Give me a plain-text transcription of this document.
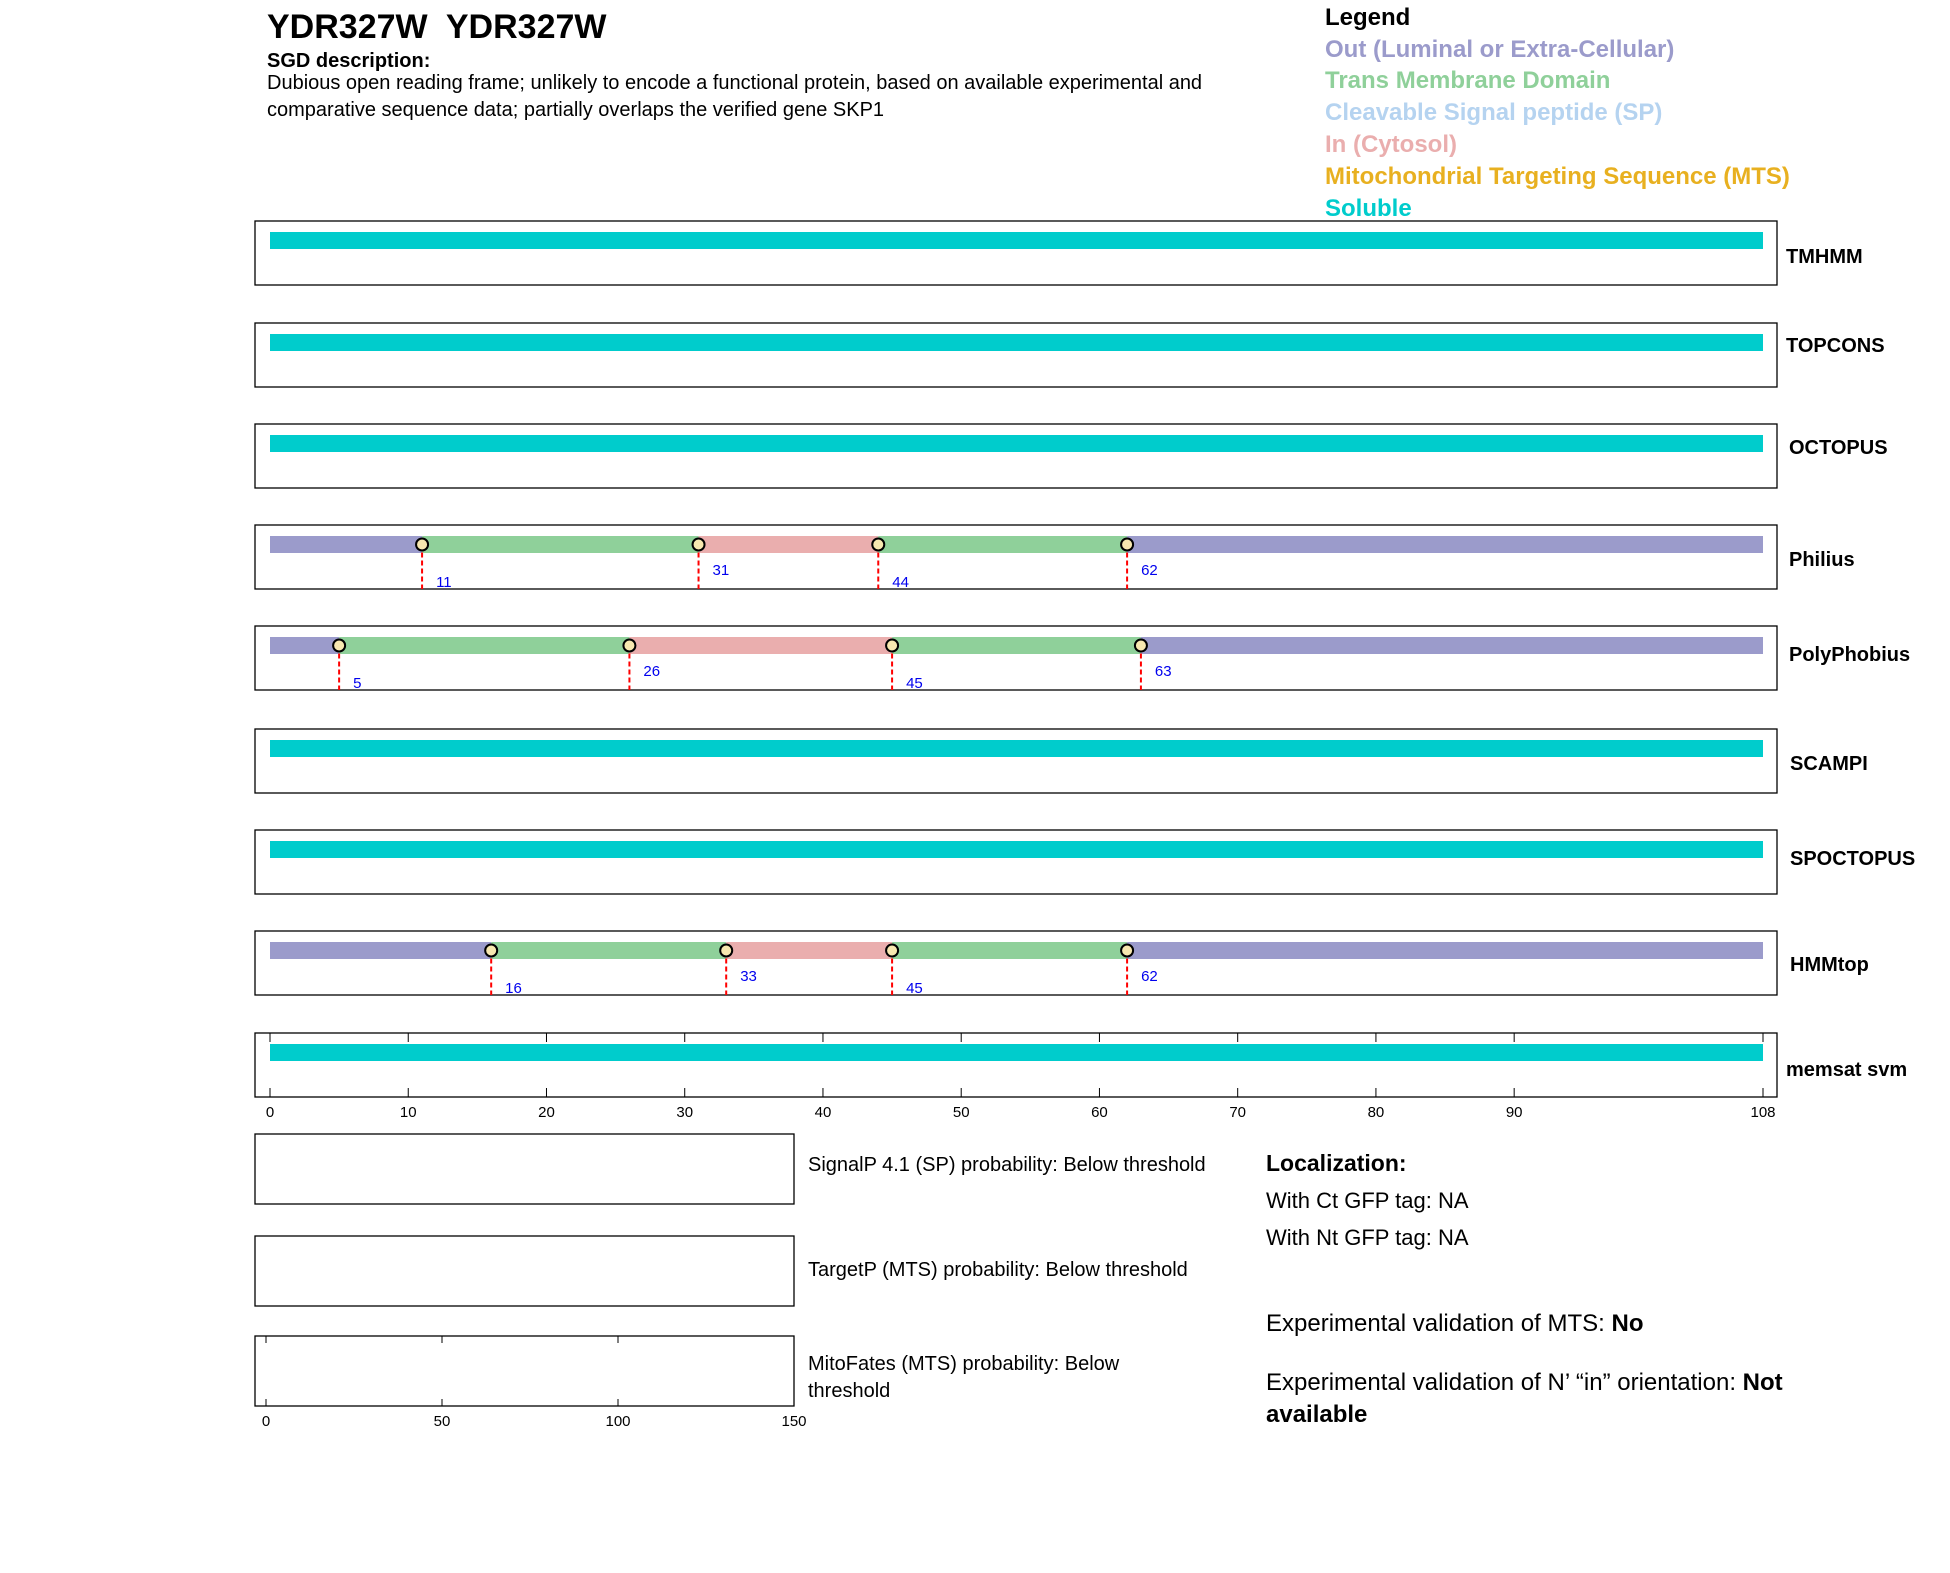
YDR327W  YDR327W
SGD description:
Dubious open reading frame; unlikely to encode a functional protein, based on available experimental and comparative sequence data; partially overlaps the verified gene SKP1
Legend
Out (Luminal or Extra-Cellular)
Trans Membrane Domain
Cleavable Signal peptide (SP)
In (Cytosol)
Mitochondrial Targeting Sequence (MTS)
Soluble
TMHMM
TOPCONS
OCTOPUS
11
31
44
62	Philius
5
26
45
63
PolyPhobius
SCAMPI
SPOCTOPUS
16
33
45
62
HMMtop
memsat svm
0	10	20	30	40	50	60	70	80	90	108
0	50	100	150
SignalP 4.1 (SP) probability: Below threshold
TargetP (MTS) probability: Below threshold
MitoFates (MTS) probability: Below threshold
Localization:
With Ct GFP tag: NA
With Nt GFP tag: NA
Experimental validation of MTS: No
Experimental validation of N’ “in” orientation: Not available
